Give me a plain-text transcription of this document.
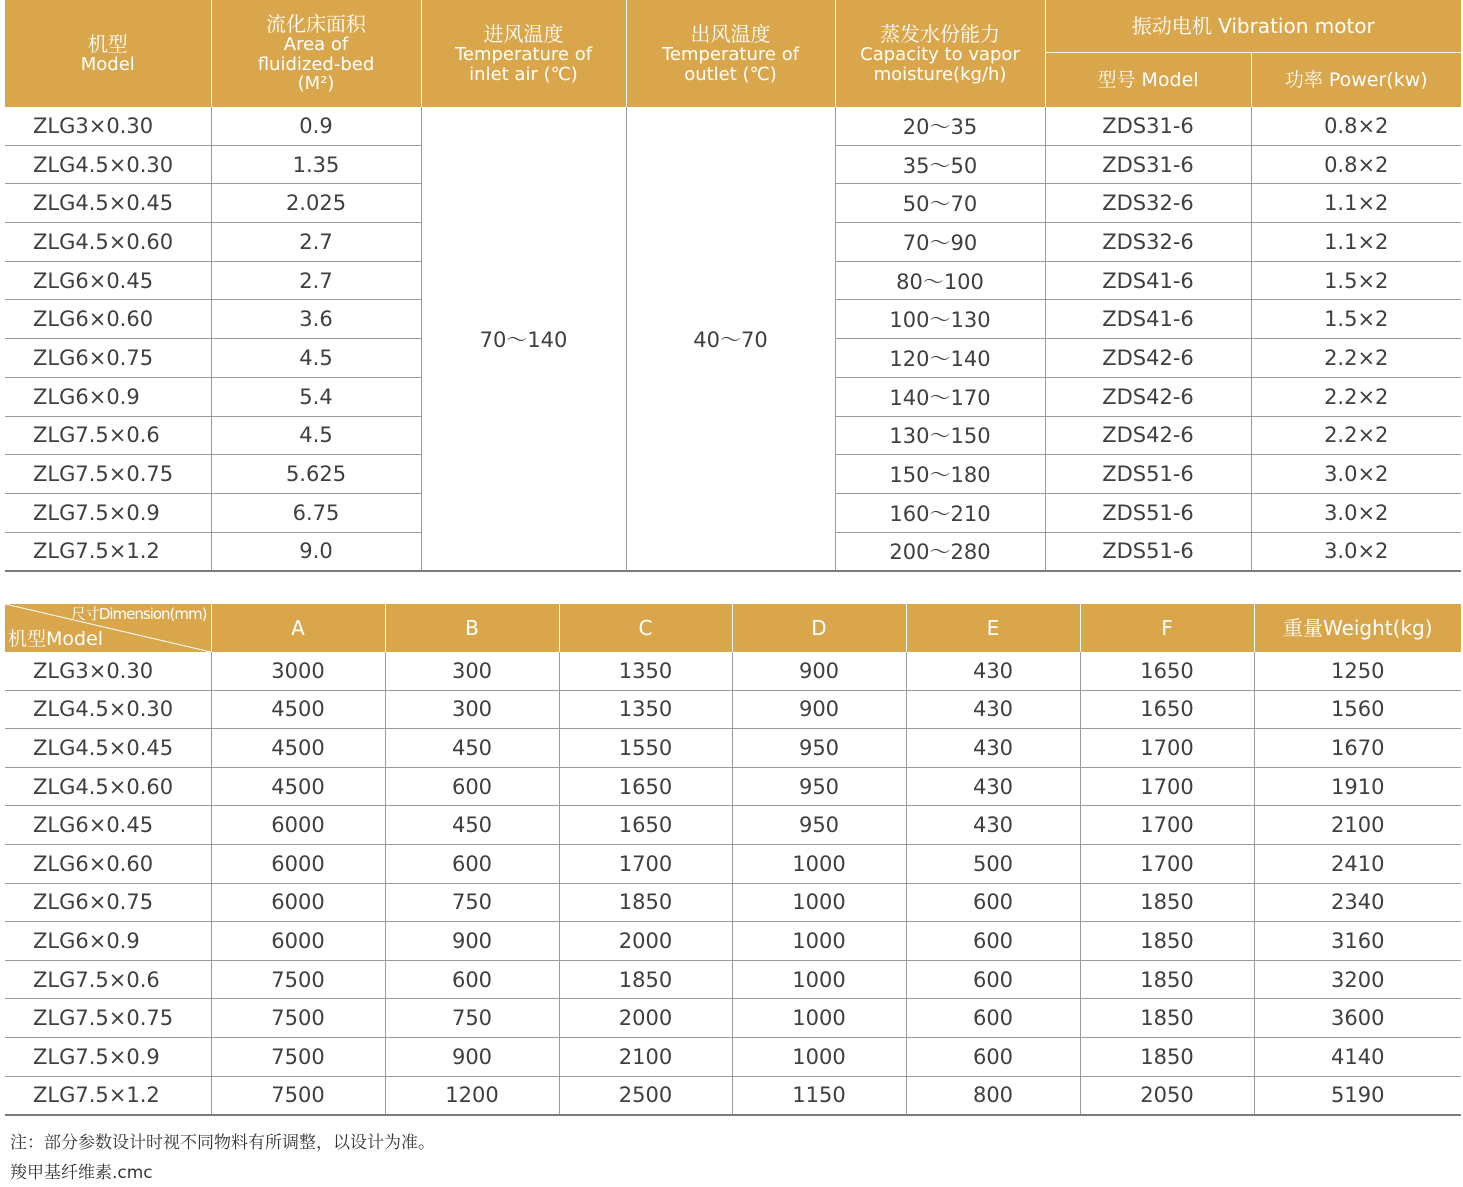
机型
Model	流化床面积
Area of
fluidized-bed
(M²)	进风温度
Temperature of
inlet air (℃)	出风温度
Temperature of
outlet (℃)	蒸发水份能力
Capacity to vapor
moisture(kg/h)	振动电机 Vibration motor	

					型号 Model	功率 Power(kw)
ZLG3×0.30	0.9	70～140	40～70	20～35	ZDS31-6	0.8×2
ZLG4.5×0.30	1.35			35～50	ZDS31-6	0.8×2
ZLG4.5×0.45	2.025			50～70	ZDS32-6	1.1×2
ZLG4.5×0.60	2.7			70～90	ZDS32-6	1.1×2
ZLG6×0.45	2.7			80～100	ZDS41-6	1.5×2
ZLG6×0.60	3.6			100～130	ZDS41-6	1.5×2
ZLG6×0.75	4.5			120～140	ZDS42-6	2.2×2
ZLG6×0.9	5.4			140～170	ZDS42-6	2.2×2
ZLG7.5×0.6	4.5			130～150	ZDS42-6	2.2×2
ZLG7.5×0.75	5.625			150～180	ZDS51-6	3.0×2
ZLG7.5×0.9	6.75			160～210	ZDS51-6	3.0×2
ZLG7.5×1.2	9.0			200～280	ZDS51-6	3.0×2
尺寸Dimension(mm)
机型Model	A	B	C	D	E	F	重量Weight(kg)
ZLG3×0.30	3000	300	1350	900	430	1650	1250
ZLG4.5×0.30	4500	300	1350	900	430	1650	1560
ZLG4.5×0.45	4500	450	1550	950	430	1700	1670
ZLG4.5×0.60	4500	600	1650	950	430	1700	1910
ZLG6×0.45	6000	450	1650	950	430	1700	2100
ZLG6×0.60	6000	600	1700	1000	500	1700	2410
ZLG6×0.75	6000	750	1850	1000	600	1850	2340
ZLG6×0.9	6000	900	2000	1000	600	1850	3160
ZLG7.5×0.6	7500	600	1850	1000	600	1850	3200
ZLG7.5×0.75	7500	750	2000	1000	600	1850	3600
ZLG7.5×0.9	7500	900	2100	1000	600	1850	4140
ZLG7.5×1.2	7500	1200	2500	1150	800	2050	5190
注：部分参数设计时视不同物料有所调整，以设计为准。
羧甲基纤维素.cmc
